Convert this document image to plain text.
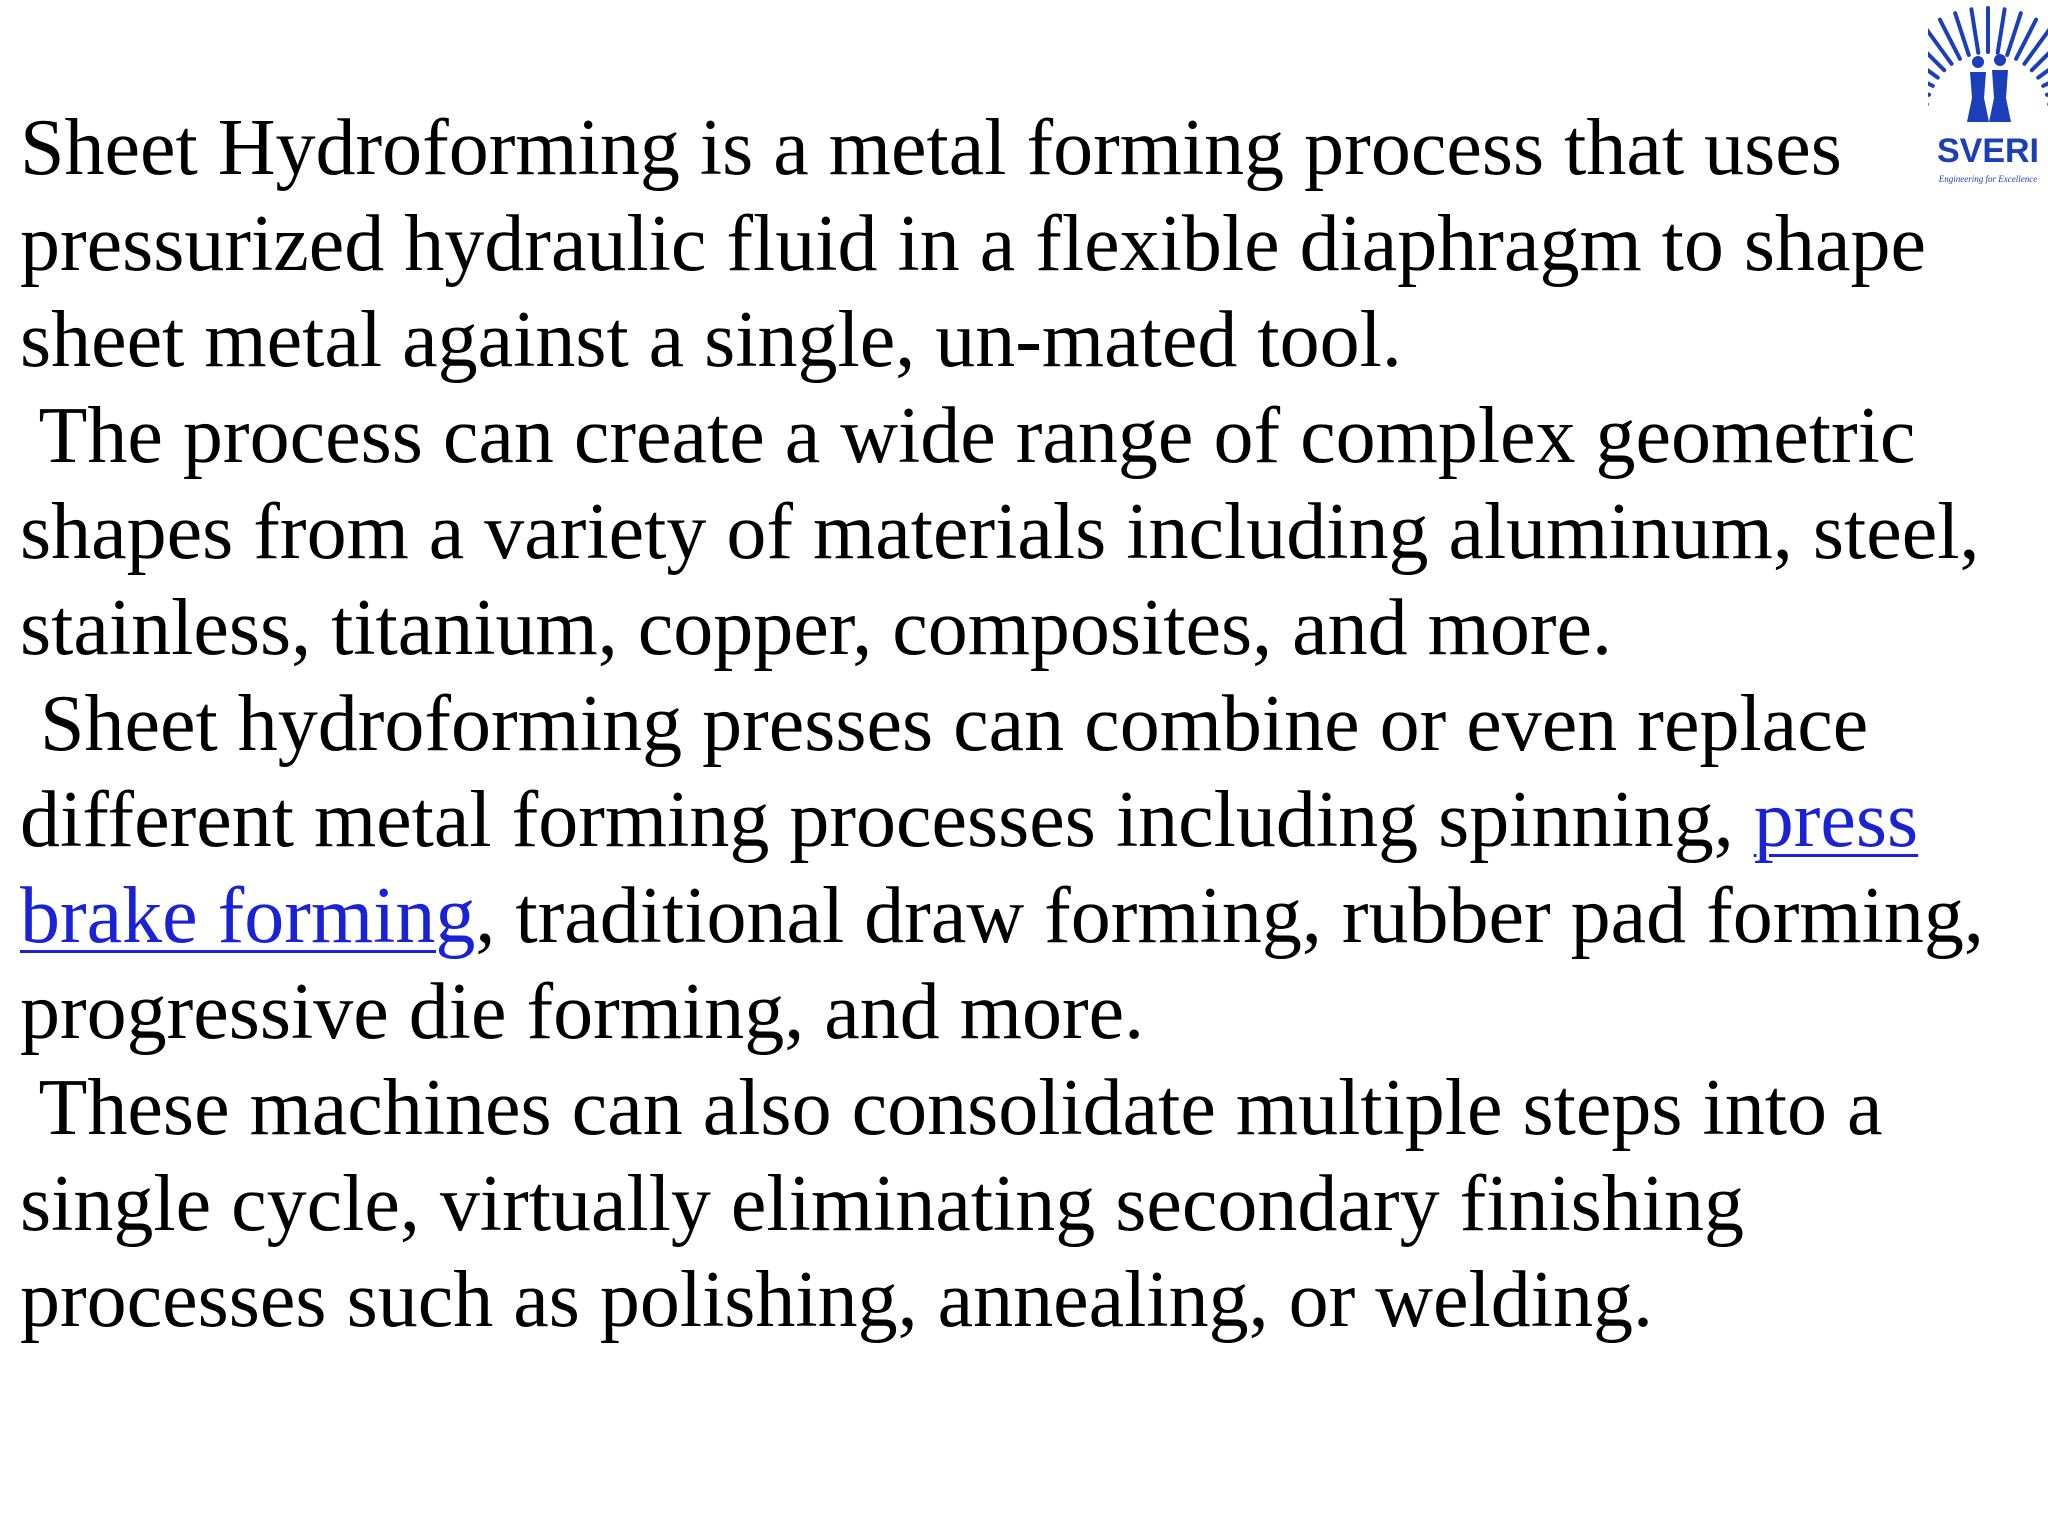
SVERI
Engineering for Excellence
Sheet Hydroforming is a metal forming process that uses
pressurized hydraulic fluid in a flexible diaphragm to shape
sheet metal against a single, un-mated tool.
The process can create a wide range of complex geometric
shapes from a variety of materials including aluminum, steel,
stainless, titanium, copper, composites, and more.
Sheet hydroforming presses can combine or even replace
different metal forming processes including spinning, press
brake forming, traditional draw forming, rubber pad forming,
progressive die forming, and more.
These machines can also consolidate multiple steps into a
single cycle, virtually eliminating secondary finishing
processes such as polishing, annealing, or welding.
